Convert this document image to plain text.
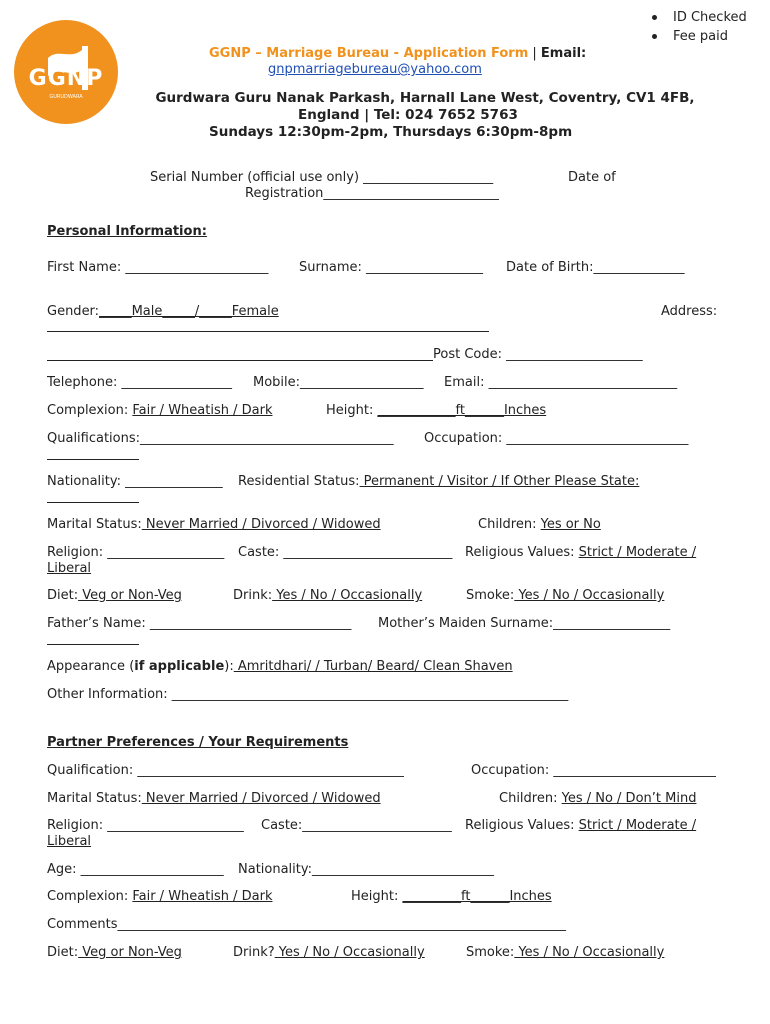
ID Checked
Fee paid
GGNP
GURUDWARA
GGNP – Marriage Bureau - Application Form | Email:
gnpmarriagebureau@yahoo.com
Gurdwara Guru Nanak Parkash, Harnall Lane West, Coventry, CV1 4FB,
England | Tel: 024 7652 5763
Sundays 12:30pm-2pm, Thursdays 6:30pm-8pm
Serial Number (official use only) ____________________	Date of
Registration___________________________
Personal Information:
First Name: ______________________ Surname: __________________ Date of Birth:______________
Gender:_____Male_____/_____Female	Address:
Post Code: _____________________
Telephone: _________________ Mobile:___________________ Email: _____________________________
Complexion: Fair / Wheatish / Dark	Height: ____________ft______Inches
Qualifications:_______________________________________ Occupation: ____________________________
Nationality: _______________ Residential Status: Permanent / Visitor / If Other Please State:
Marital Status: Never Married / Divorced / Widowed	Children: Yes or No
Religion: __________________ Caste: __________________________ Religious Values: Strict / Moderate /
Liberal
Diet: Veg or Non-Veg	Drink: Yes / No / Occasionally	Smoke: Yes / No / Occasionally
Father’s Name: _______________________________ Mother’s Maiden Surname:__________________
Appearance (if applicable): Amritdhari/ / Turban/ Beard/ Clean Shaven
Other Information: _____________________________________________________________
Partner Preferences / Your Requirements
Qualification: _________________________________________	Occupation: _________________________
Marital Status: Never Married / Divorced / Widowed	Children: Yes / No / Don’t Mind
Religion: _____________________ Caste:_______________________ Religious Values: Strict / Moderate /
Liberal
Age: ______________________ Nationality:____________________________
Complexion: Fair / Wheatish / Dark	Height: _________ft______Inches
Comments_____________________________________________________________________
Diet: Veg or Non-Veg	Drink? Yes / No / Occasionally	Smoke: Yes / No / Occasionally
